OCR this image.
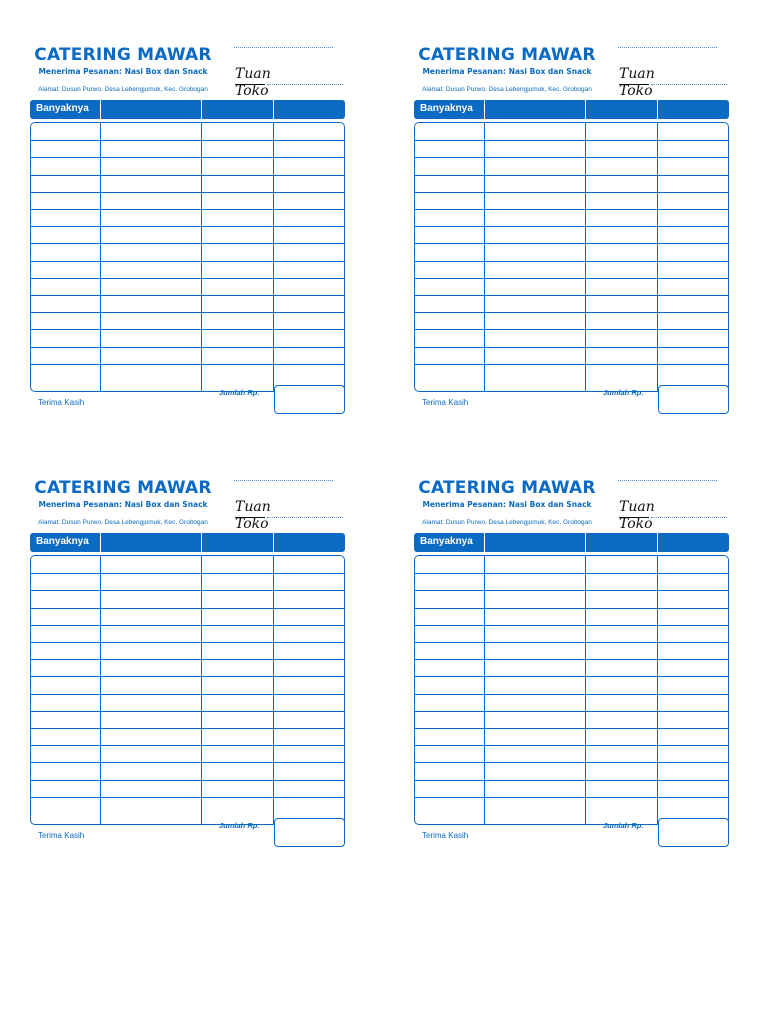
CATERING MAWAR
Menerima Pesanan: Nasi Box dan Snack
Alamat: Dusun Purwo, Desa Lebengjumuk, Kec. Grobogan
Tuan
Toko
Banyaknya
Jumlah Rp.
Terima Kasih
CATERING MAWAR
Menerima Pesanan: Nasi Box dan Snack
Alamat: Dusun Purwo, Desa Lebengjumuk, Kec. Grobogan
Tuan
Toko
Banyaknya
Jumlah Rp.
Terima Kasih
CATERING MAWAR
Menerima Pesanan: Nasi Box dan Snack
Alamat: Dusun Purwo, Desa Lebengjumuk, Kec. Grobogan
Tuan
Toko
Banyaknya
Jumlah Rp.
Terima Kasih
CATERING MAWAR
Menerima Pesanan: Nasi Box dan Snack
Alamat: Dusun Purwo, Desa Lebengjumuk, Kec. Grobogan
Tuan
Toko
Banyaknya
Jumlah Rp.
Terima Kasih
